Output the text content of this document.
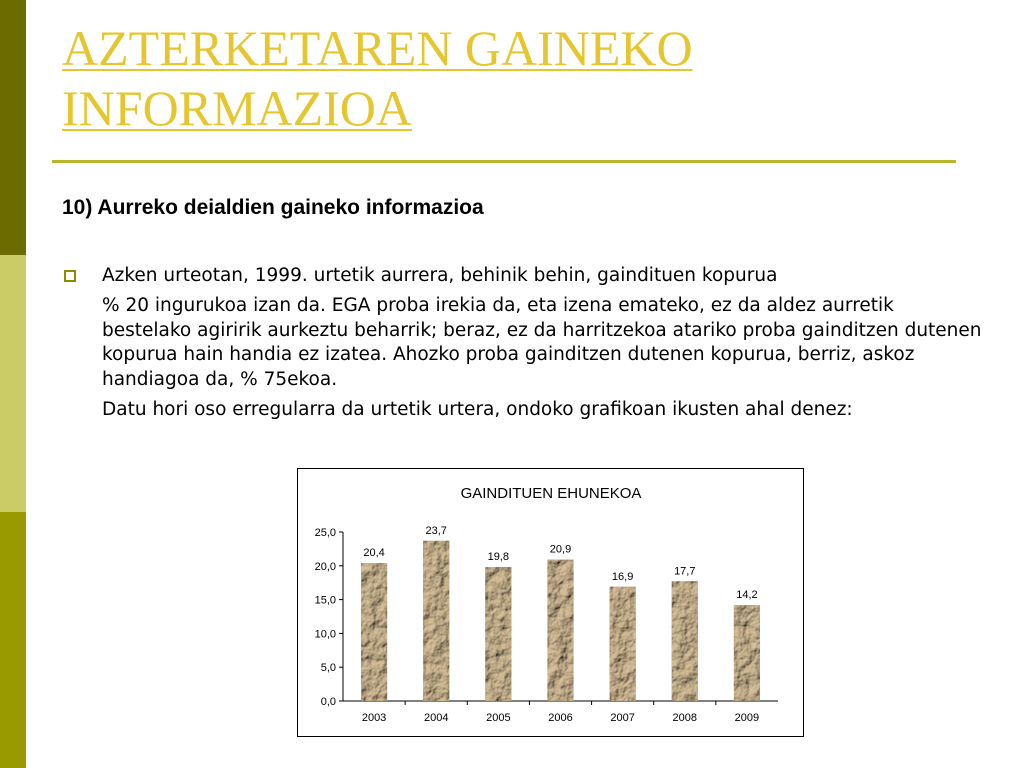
AZTERKETAREN GAINEKO INFORMAZIOA
10) Aurreko deialdien gaineko informazioa

Azken urteotan, 1999. urtetik aurrera, behinik behin, gaindituen kopurua

% 20 ingurukoa izan da. EGA proba irekia da, eta izena emateko, ez da aldez aurretik bestelako agiririk aurkeztu beharrik; beraz, ez da harritzekoa atariko proba gainditzen dutenen kopurua hain handia ez izatea. Ahozko proba gainditzen dutenen kopurua, berriz, askoz handiagoa da, % 75ekoa.

Datu hori oso erregularra da urtetik urtera, ondoko grafikoan ikusten ahal denez:

GAINDITUEN EHUNEKOA
0,0
5,0
10,0
15,0
20,0
25,0
20,4
2003
23,7
2004
19,8
2005
20,9
2006
16,9
2007
17,7
2008
14,2
2009
